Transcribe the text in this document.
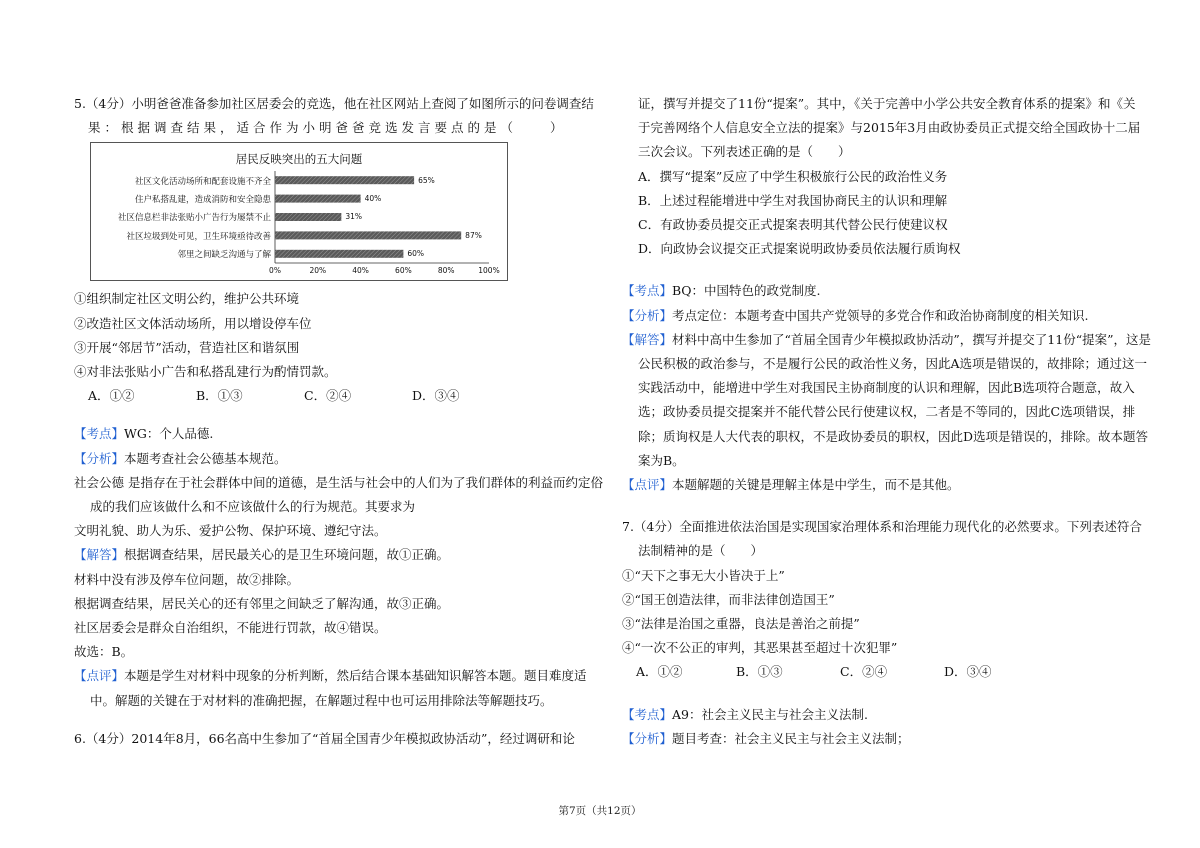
5.（4分）小明爸爸准备参加社区居委会的竞选，他在社区网站上查阅了如图所示的问卷调查结
果：根据调查结果，适合作为小明爸爸竞选发言要点的是（　　）
居民反映突出的五大问题
社区文化活动场所和配套设施不齐全	65%
住户私搭乱建，造成消防和安全隐患	40%
社区信息栏非法张贴小广告行为屡禁不止	31%
社区垃圾到处可见，卫生环境亟待改善	87%
邻里之间缺乏沟通与了解	60%
0%	20%	40%	60%	80%	100%
①组织制定社区文明公约，维护公共环境
②改造社区文体活动场所，用以增设停车位
③开展“邻居节”活动，营造社区和谐氛围
④对非法张贴小广告和私搭乱建行为酌情罚款。
A．①②	B．①③	C．②④	D．③④
【考点】WG：个人品德.
【分析】本题考查社会公德基本规范。
社会公德 是指存在于社会群体中间的道德，是生活与社会中的人们为了我们群体的利益而约定俗
成的我们应该做什么和不应该做什么的行为规范。其要求为
文明礼貌、助人为乐、爱护公物、保护环境、遵纪守法。
【解答】根据调查结果，居民最关心的是卫生环境问题，故①正确。
材料中没有涉及停车位问题，故②排除。
根据调查结果，居民关心的还有邻里之间缺乏了解沟通，故③正确。
社区居委会是群众自治组织，不能进行罚款，故④错误。
故选：B。
【点评】本题是学生对材料中现象的分析判断，然后结合课本基础知识解答本题。题目难度适
中。解题的关键在于对材料的准确把握，在解题过程中也可运用排除法等解题技巧。
6.（4分）2014年8月，66名高中生参加了“首届全国青少年模拟政协活动”，经过调研和论
证，撰写并提交了11份“提案”。其中，《关于完善中小学公共安全教育体系的提案》和《关
于完善网络个人信息安全立法的提案》与2015年3月由政协委员正式提交给全国政协十二届
三次会议。下列表述正确的是（　　）
A．撰写“提案”反应了中学生积极旅行公民的政治性义务
B．上述过程能增进中学生对我国协商民主的认识和理解
C．有政协委员提交正式提案表明其代替公民行使建议权
D．向政协会议提交正式提案说明政协委员依法履行质询权
【考点】BQ：中国特色的政党制度.
【分析】考点定位：本题考查中国共产党领导的多党合作和政治协商制度的相关知识.
【解答】材料中高中生参加了“首届全国青少年模拟政协活动”，撰写并提交了11份“提案”，这是
公民积极的政治参与，不是履行公民的政治性义务，因此A选项是错误的，故排除；通过这一
实践活动中，能增进中学生对我国民主协商制度的认识和理解，因此B选项符合题意，故入
选；政协委员提交提案并不能代替公民行使建议权，二者是不等同的，因此C选项错误，排
除；质询权是人大代表的职权，不是政协委员的职权，因此D选项是错误的，排除。故本题答
案为B。
【点评】本题解题的关键是理解主体是中学生，而不是其他。
7.（4分）全面推进依法治国是实现国家治理体系和治理能力现代化的必然要求。下列表述符合
法制精神的是（　　）
①“天下之事无大小皆决于上”
②“国王创造法律，而非法律创造国王”
③“法律是治国之重器，良法是善治之前提”
④“一次不公正的审判，其恶果甚至超过十次犯罪”
A．①②	B．①③	C．②④	D．③④
【考点】A9：社会主义民主与社会主义法制.
【分析】题目考查：社会主义民主与社会主义法制；
第7页（共12页）
